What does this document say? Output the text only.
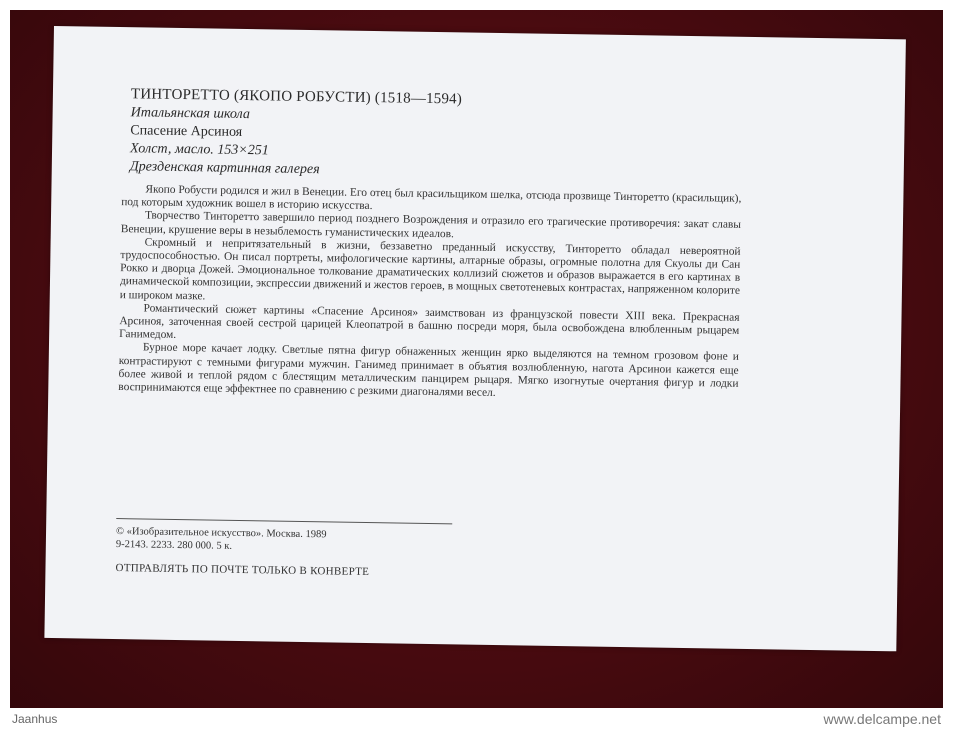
ТИНТОРЕТТО (ЯКОПО РОБУСТИ) (1518—1594)
Итальянская школа
Спасение Арсиноя
Холст, масло. 153×251
Дрезденская картинная галерея

Якопо Робусти родился и жил в Венеции. Его отец был красильщиком шелка, отсюда прозвище Тинторетто (красильщик), под которым художник вошел в историю искусства.

Творчество Тинторетто завершило период позднего Возрождения и отразило его трагические противоречия: закат славы Венеции, крушение веры в незыблемость гуманистических идеалов.

Скромный и непритязательный в жизни, беззаветно преданный искусству, Тинторетто обладал невероятной трудоспособностью. Он писал портреты, мифологические картины, алтарные образы, огромные полотна для Скуолы ди Сан Рокко и дворца Дожей. Эмоциональное толкование драматических коллизий сюжетов и образов выражается в его картинах в динамической композиции, экспрессии движений и жестов героев, в мощных светотеневых контрастах, напряженном колорите и широком мазке.

Романтический сюжет картины «Спасение Арсиноя» заимствован из французской повести XIII века. Прекрасная Арсиноя, заточенная своей сестрой царицей Клеопатрой в башню посреди моря, была освобождена влюбленным рыцарем Ганимедом.

Бурное море качает лодку. Светлые пятна фигур обнаженных женщин ярко выделяются на темном грозовом фоне и контрастируют с темными фигурами мужчин. Ганимед принимает в объятия возлюбленную, нагота Арсинои кажется еще более живой и теплой рядом с блестящим металлическим панцирем рыцаря. Мягко изогнутые очертания фигур и лодки воспринимаются еще эффектнее по сравнению с резкими диагоналями весел.

© «Изобразительное искусство». Москва. 1989
9-2143. 2233. 280 000. 5 к.
ОТПРАВЛЯТЬ ПО ПОЧТЕ ТОЛЬКО В КОНВЕРТЕ
Jaanhus	www.delcampe.net
